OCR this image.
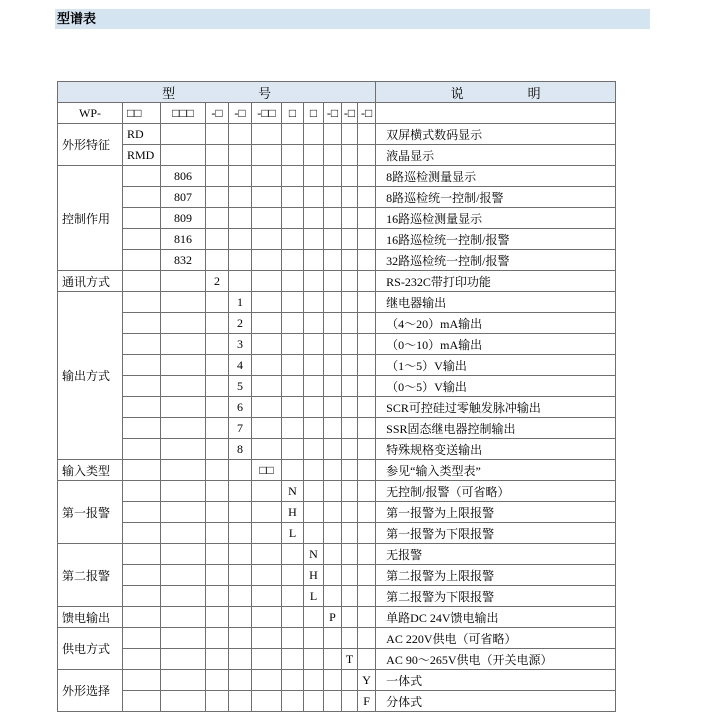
型谱表
型号											说明
WP-	□□	□□□	-□	-□	-□□	□	□	-□	-□	-□	
外形特征	RD										双屏横式数码显示
	RMD										液晶显示
控制作用		806									8路巡检测量显示
		807									8路巡检统一控制/报警
		809									16路巡检测量显示
		816									16路巡检统一控制/报警
		832									32路巡检统一控制/报警
通讯方式			2								RS-232C带打印功能
输出方式				1							继电器输出
				2							（4～20）mA输出
				3							（0～10）mA输出
				4							（1～5）V输出
				5							（0～5）V输出
				6							SCR可控硅过零触发脉冲输出
				7							SSR固态继电器控制输出
				8							特殊规格变送输出
输入类型					□□						参见“输入类型表”
第一报警						N					无控制/报警（可省略）
						H					第一报警为上限报警
						L					第一报警为下限报警
第二报警							N				无报警
							H				第二报警为上限报警
							L				第二报警为下限报警
馈电输出								P			单路DC 24V馈电输出
供电方式											AC 220V供电（可省略）
									T		AC 90～265V供电（开关电源）
外形选择										Y	一体式
										F	分体式
